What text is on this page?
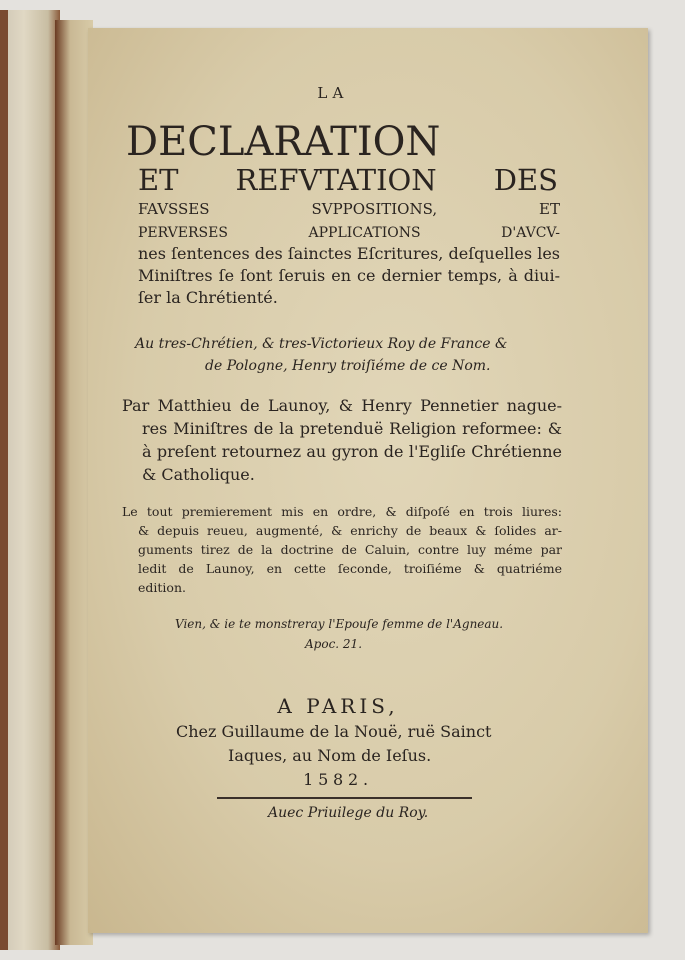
LA
DECLARATION
ET REFVTATION DES
FAVSSES SVPPOSITIONS, ET
PERVERSES APPLICATIONS D'AVCV-
nes ſentences des ſainctes Eſcritures, deſquelles les
Miniſtres ſe ſont ſeruis en ce dernier temps, à diui-
ſer la Chrétienté.
Au tres-Chrétien, & tres-Victorieux Roy de France &
de Pologne, Henry troiſiéme de ce Nom.
Par Matthieu de Launoy, & Henry Pennetier nague-
res Miniſtres de la pretenduë Religion reformee: &
à preſent retournez au gyron de l'Egliſe Chrétienne
& Catholique.
Le tout premierement mis en ordre, & diſpoſé en trois liures:
& depuis reueu, augmenté, & enrichy de beaux & ſolides ar-
guments tirez de la doctrine de Caluin, contre luy méme par
ledit de Launoy, en cette ſeconde, troiſiéme & quatriéme
edition.
Vien, & ie te monstreray l'Epouſe femme de l'Agneau.
Apoc. 21.
A PARIS,
Chez Guillaume de la Nouë, ruë Sainct
Iaques, au Nom de Ieſus.
1582.
Auec Priuilege du Roy.
